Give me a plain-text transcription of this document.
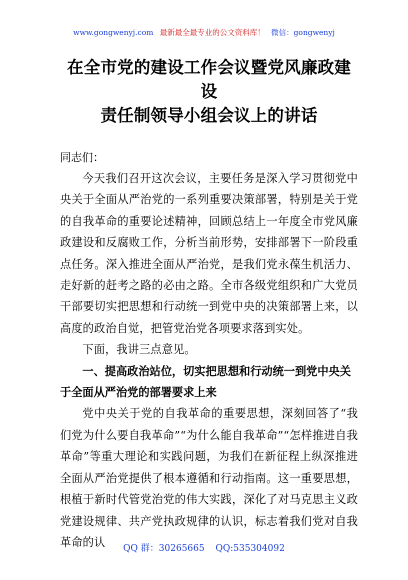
www.gongwenyj.com 最新最全最专业的公文资料库！ 微信：gongwenyj
在全市党的建设工作会议暨党风廉政建设
责任制领导小组会议上的讲话
同志们：

今天我们召开这次会议，主要任务是深入学习贯彻党中央关于全面从严治党的一系列重要决策部署，特别是关于党的自我革命的重要论述精神，回顾总结上一年度全市党风廉政建设和反腐败工作，分析当前形势，安排部署下一阶段重点任务。深入推进全面从严治党，是我们党永葆生机活力、走好新的赶考之路的必由之路。全市各级党组织和广大党员干部要切实把思想和行动统一到党中央的决策部署上来，以高度的政治自觉，把管党治党各项要求落到实处。

下面，我讲三点意见。

一、提高政治站位，切实把思想和行动统一到党中央关于全面从严治党的部署要求上来

党中央关于党的自我革命的重要思想，深刻回答了“我们党为什么要自我革命”“为什么能自我革命”“怎样推进自我革命”等重大理论和实践问题，为我们在新征程上纵深推进全面从严治党提供了根本遵循和行动指南。这一重要思想，根植于新时代管党治党的伟大实践，深化了对马克思主义政党建设规律、共产党执政规律的认识，标志着我们党对自我革命的认

QQ 群：30265665 QQ:535304092
